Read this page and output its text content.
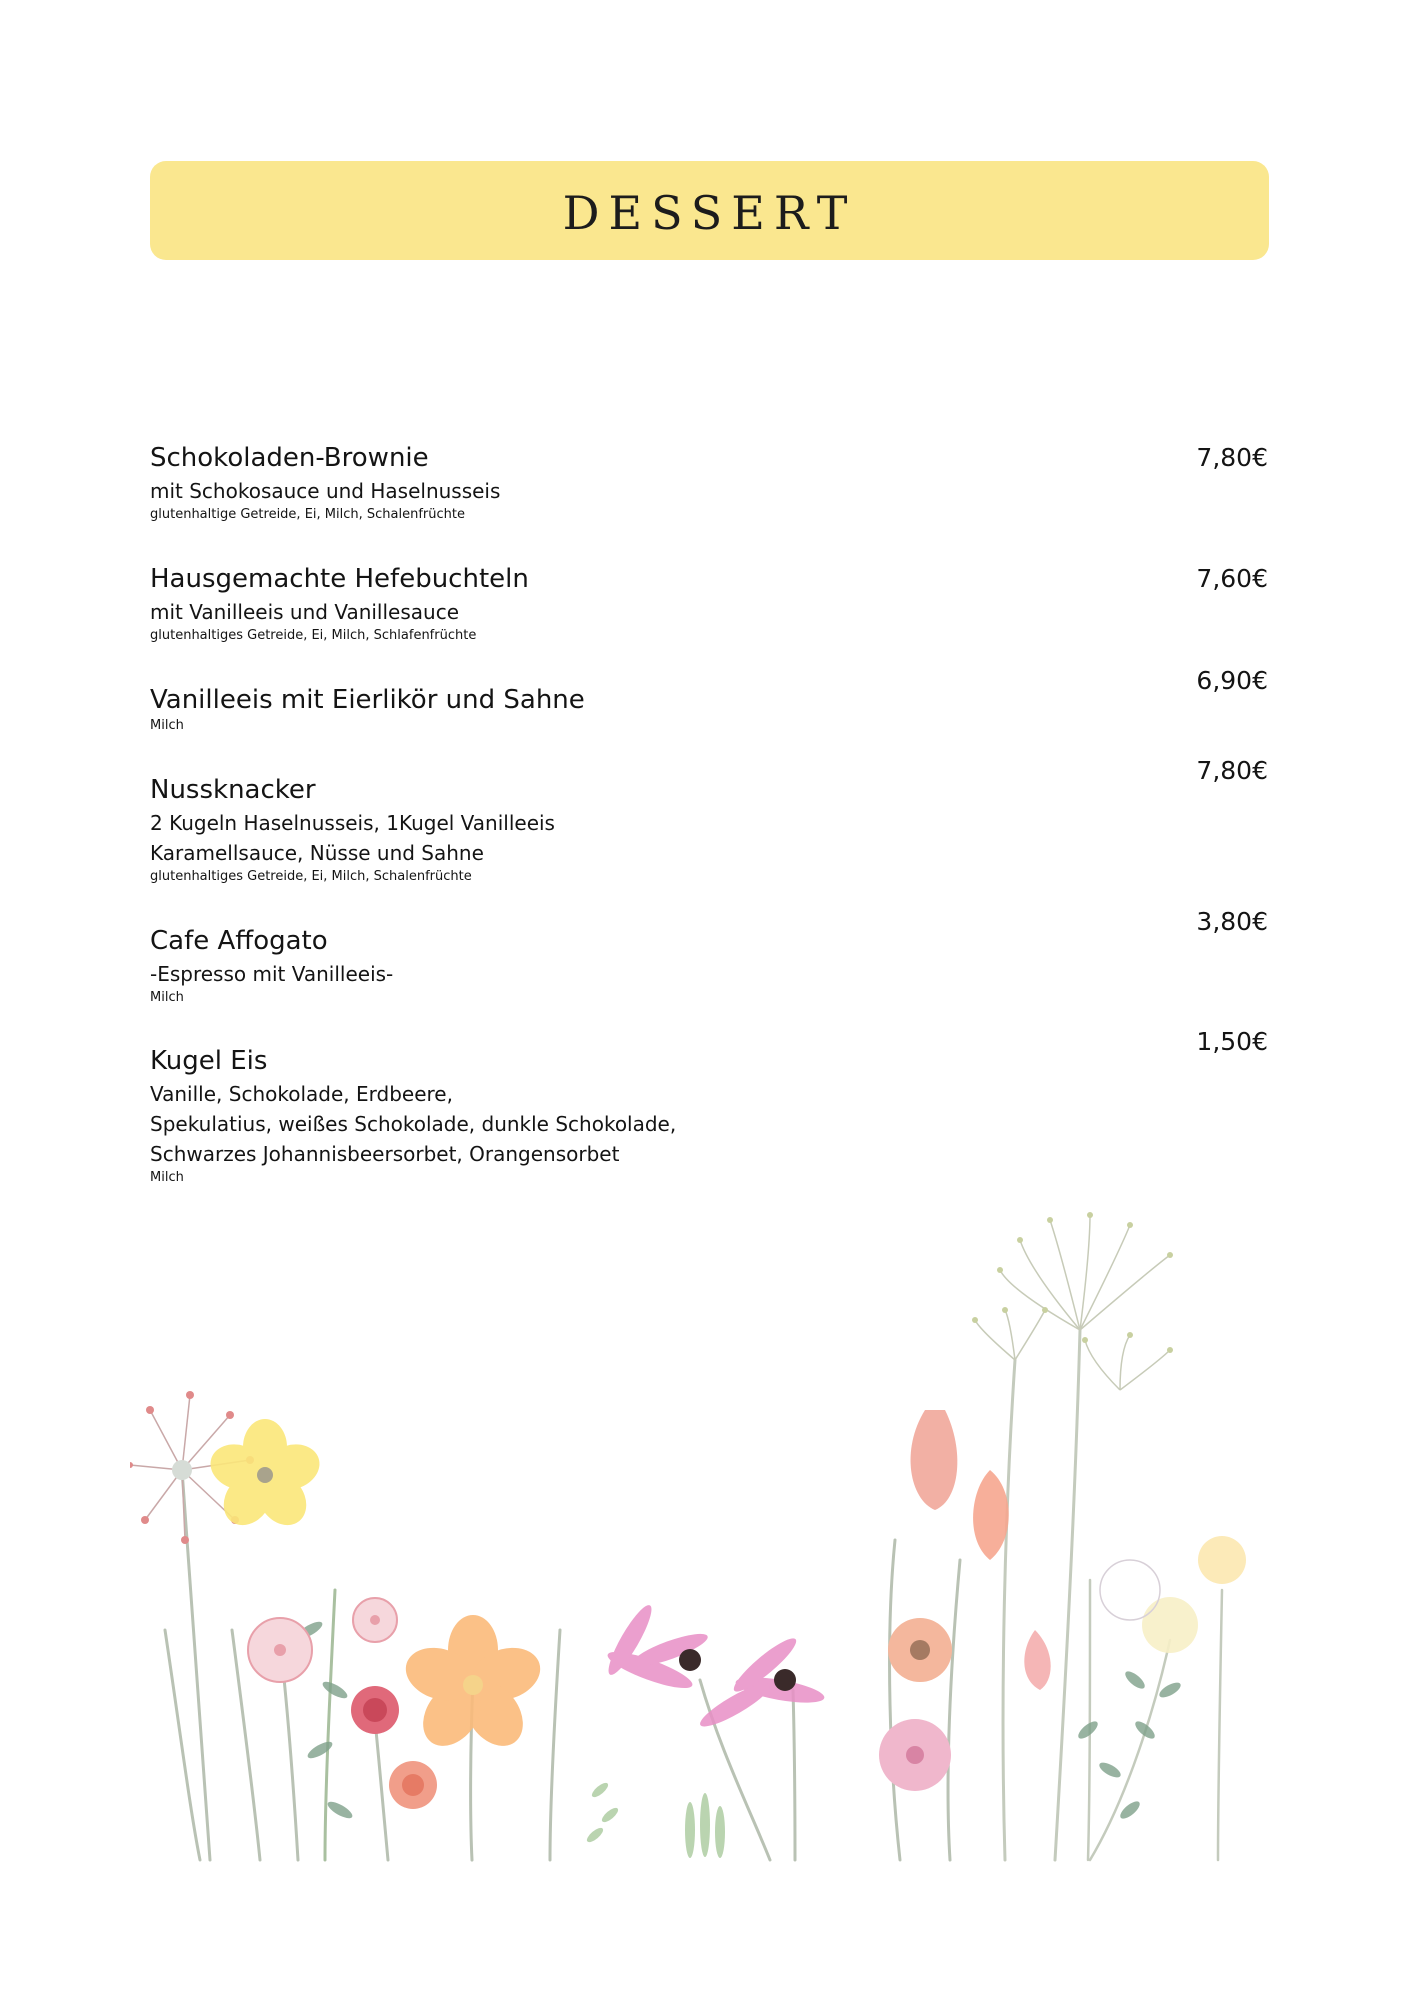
DESSERT
Schokoladen-Brownie
mit Schokosauce und Haselnusseis
glutenhaltige Getreide, Ei, Milch, Schalenfrüchte
7,80€
Hausgemachte Hefebuchteln
mit Vanilleeis und Vanillesauce
glutenhaltiges Getreide, Ei, Milch, Schlafenfrüchte
7,60€
Vanilleeis mit Eierlikör und Sahne
Milch
6,90€
Nussknacker
2 Kugeln Haselnusseis, 1Kugel Vanilleeis
Karamellsauce, Nüsse und Sahne
glutenhaltiges Getreide, Ei, Milch, Schalenfrüchte
7,80€
Cafe Affogato
-Espresso mit Vanilleeis-
Milch
3,80€
Kugel Eis
Vanille, Schokolade, Erdbeere,
Spekulatius, weißes Schokolade, dunkle Schokolade,
Schwarzes Johannisbeersorbet, Orangensorbet
Milch
1,50€
